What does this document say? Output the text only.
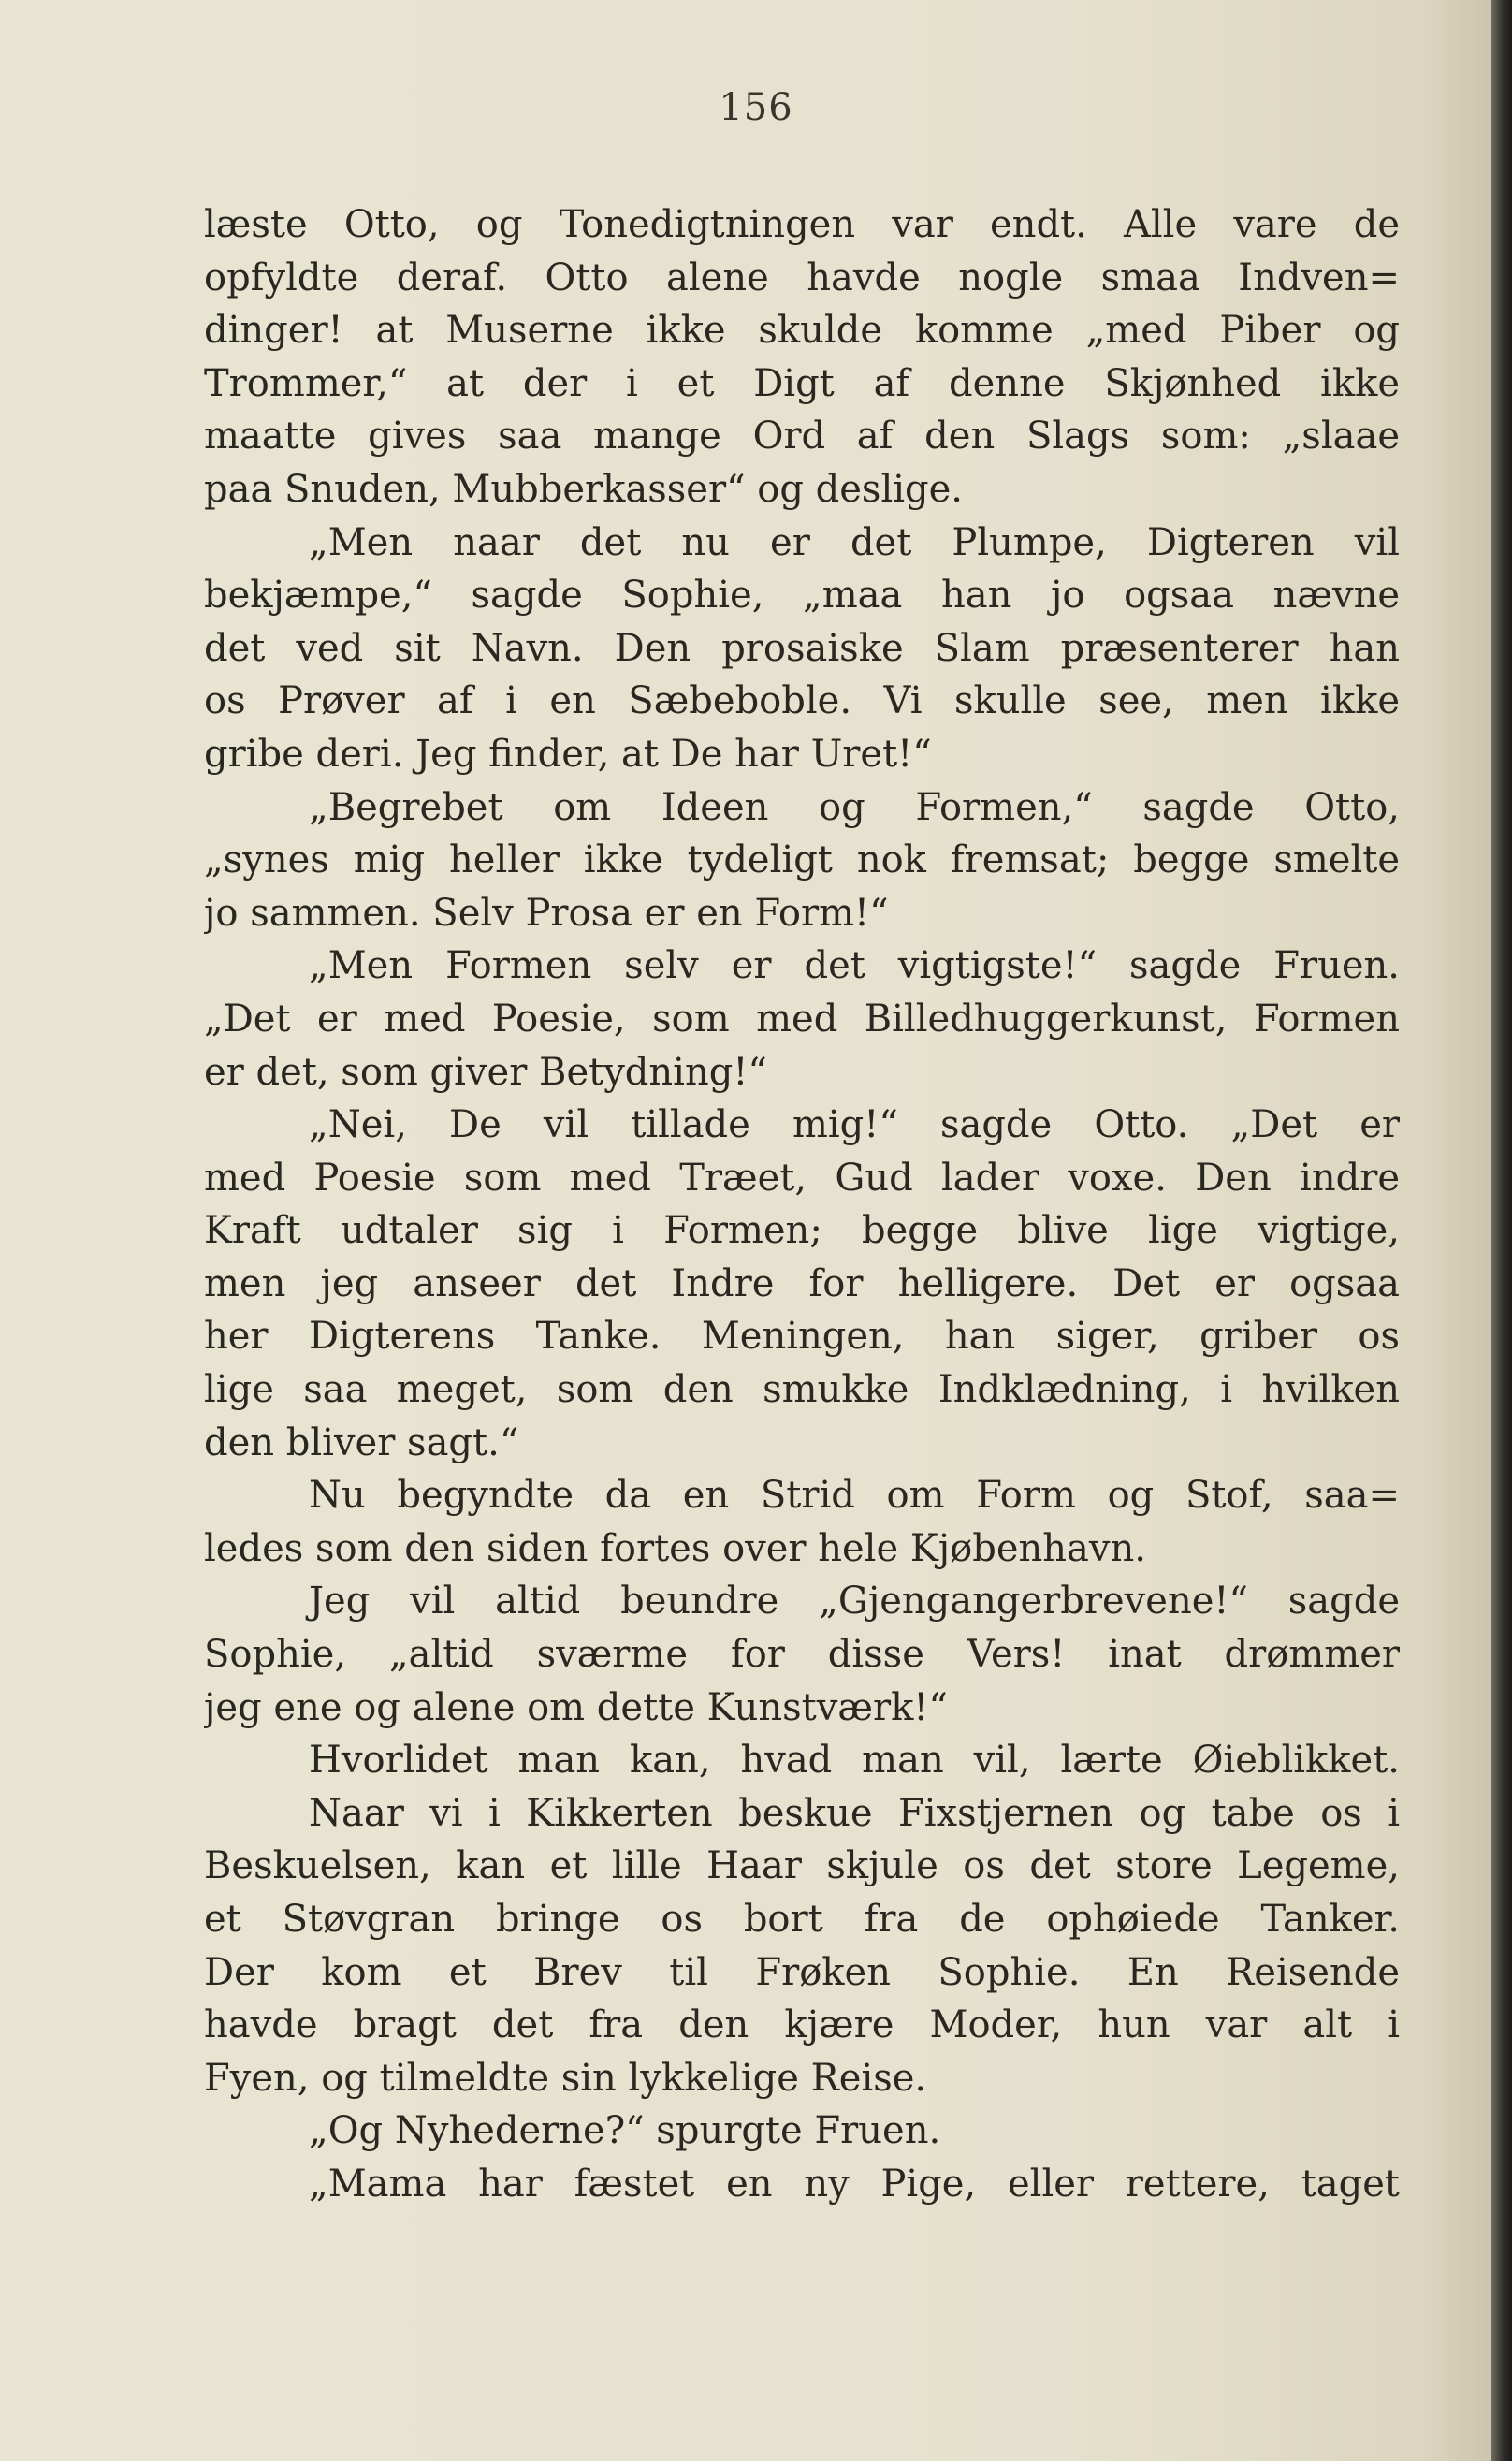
156
læste Otto, og Tonedigtningen var endt. Alle vare de
opfyldte deraf. Otto alene havde nogle smaa Indven=
dinger! at Muserne ikke skulde komme „med Piber og
Trommer,“ at der i et Digt af denne Skjønhed ikke
maatte gives saa mange Ord af den Slags som: „slaae
paa Snuden, Mubberkasser“ og deslige.
„Men naar det nu er det Plumpe, Digteren vil
bekjæmpe,“ sagde Sophie, „maa han jo ogsaa nævne
det ved sit Navn. Den prosaiske Slam præsenterer han
os Prøver af i en Sæbeboble. Vi skulle see, men ikke
gribe deri. Jeg finder, at De har Uret!“
„Begrebet om Ideen og Formen,“ sagde Otto,
„synes mig heller ikke tydeligt nok fremsat; begge smelte
jo sammen. Selv Prosa er en Form!“
„Men Formen selv er det vigtigste!“ sagde Fruen.
„Det er med Poesie, som med Billedhuggerkunst, Formen
er det, som giver Betydning!“
„Nei, De vil tillade mig!“ sagde Otto. „Det er
med Poesie som med Træet, Gud lader voxe. Den indre
Kraft udtaler sig i Formen; begge blive lige vigtige,
men jeg anseer det Indre for helligere. Det er ogsaa
her Digterens Tanke. Meningen, han siger, griber os
lige saa meget, som den smukke Indklædning, i hvilken
den bliver sagt.“
Nu begyndte da en Strid om Form og Stof, saa=
ledes som den siden fortes over hele Kjøbenhavn.
Jeg vil altid beundre „Gjengangerbrevene!“ sagde
Sophie, „altid sværme for disse Vers! inat drømmer
jeg ene og alene om dette Kunstværk!“
Hvorlidet man kan, hvad man vil, lærte Øieblikket.
Naar vi i Kikkerten beskue Fixstjernen og tabe os i
Beskuelsen, kan et lille Haar skjule os det store Legeme,
et Støvgran bringe os bort fra de ophøiede Tanker.
Der kom et Brev til Frøken Sophie. En Reisende
havde bragt det fra den kjære Moder, hun var alt i
Fyen, og tilmeldte sin lykkelige Reise.
„Og Nyhederne?“ spurgte Fruen.
„Mama har fæstet en ny Pige, eller rettere, taget
